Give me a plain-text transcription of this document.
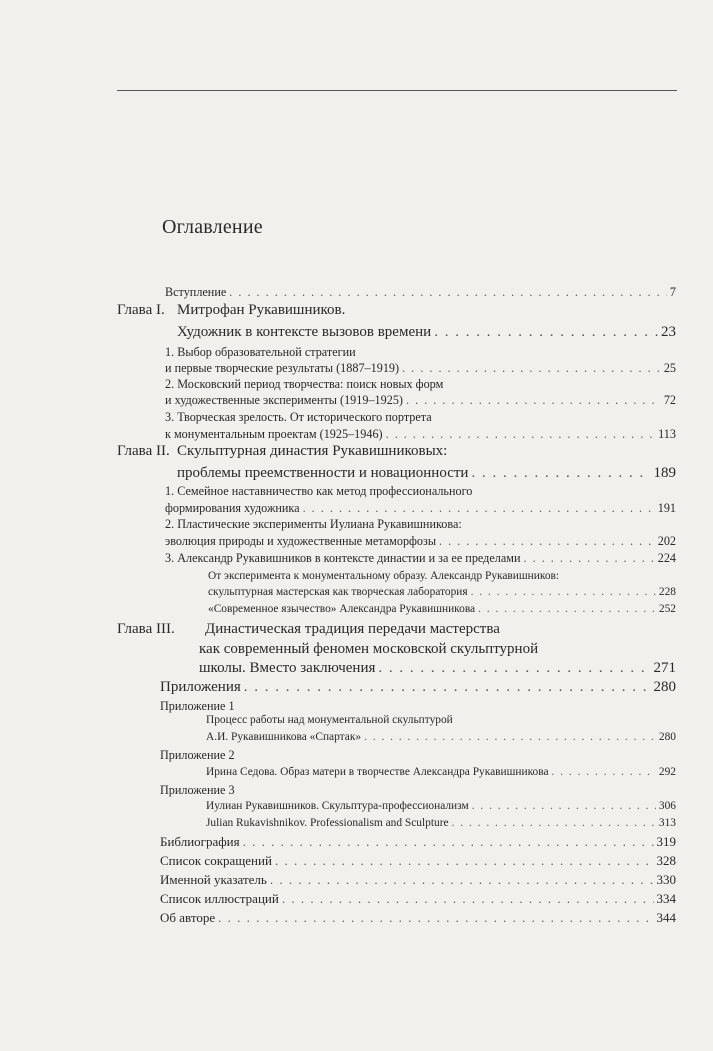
Оглавление
Вступление . . .	7
Глава I. Митрофан Рукавишников.
Художник в контексте вызовов времени . . .	23
1. Выбор образовательной стратегии
и первые творческие результаты (1887–1919) . . .	25
2. Московский период творчества: поиск новых форм
и художественные эксперименты (1919–1925) . . .	72
3. Творческая зрелость. От исторического портрета
к монументальным проектам (1925–1946) . . .	113
Глава II. Скульптурная династия Рукавишниковых:
проблемы преемственности и новационности . . .	189
1. Семейное наставничество как метод профессионального
формирования художника . . .	191
2. Пластические эксперименты Иулиана Рукавишникова:
эволюция природы и художественные метаморфозы . . .	202
3. Александр Рукавишников в контексте династии и за ее пределами . . .	224
От эксперимента к монументальному образу. Александр Рукавишников:
скульптурная мастерская как творческая лаборатория . . .	228
«Современное язычество» Александра Рукавишникова . . .	252
Глава III. Династическая традиция передачи мастерства
как современный феномен московской скульптурной
школы. Вместо заключения . . .	271
Приложения . . .	280
Приложение 1
Процесс работы над монументальной скульптурой
А.И. Рукавишникова «Спартак» . . .	280
Приложение 2
Ирина Седова. Образ матери в творчестве Александра Рукавишникова . . .	292
Приложение 3
Иулиан Рукавишников. Скульптура-профессионализм . . .	306
Julian Rukavishnikov. Professionalism and Sculpture . . .	313
Библиография . . .	319
Список сокращений . . .	328
Именной указатель . . .	330
Список иллюстраций . . .	334
Об авторе . . .	344
